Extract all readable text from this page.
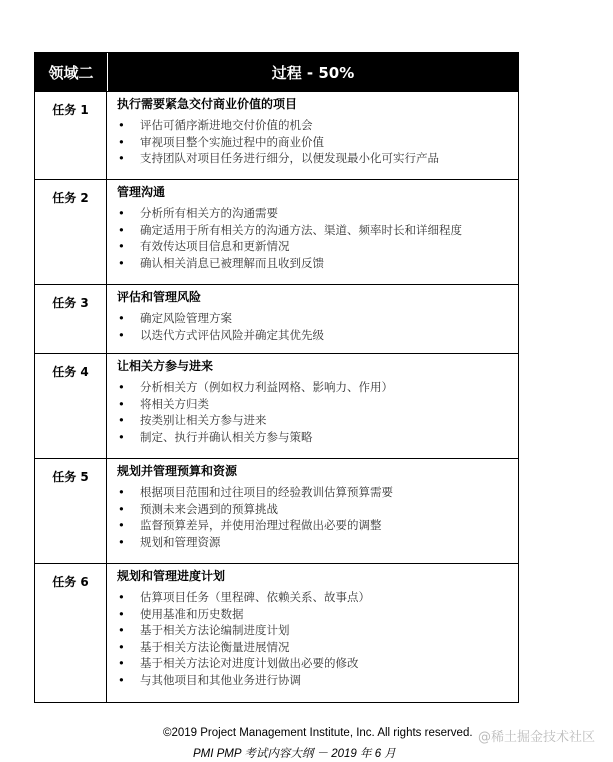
领域二	过程 - 50%
任务 1	执行需要紧急交付商业价值的项目
• 评估可循序渐进地交付价值的机会
• 审视项目整个实施过程中的商业价值
• 支持团队对项目任务进行细分，以便发现最小化可实行产品
任务 2	管理沟通
• 分析所有相关方的沟通需要
• 确定适用于所有相关方的沟通方法、渠道、频率时长和详细程度
• 有效传达项目信息和更新情况
• 确认相关消息已被理解而且收到反馈
任务 3	评估和管理风险
• 确定风险管理方案
• 以迭代方式评估风险并确定其优先级
任务 4	让相关方参与进来
• 分析相关方（例如权力利益网格、影响力、作用）
• 将相关方归类
• 按类别让相关方参与进来
• 制定、执行并确认相关方参与策略
任务 5	规划并管理预算和资源
• 根据项目范围和过往项目的经验教训估算预算需要
• 预测未来会遇到的预算挑战
• 监督预算差异，并使用治理过程做出必要的调整
• 规划和管理资源
任务 6	规划和管理进度计划
• 估算项目任务（里程碑、依赖关系、故事点）
• 使用基准和历史数据
• 基于相关方法论编制进度计划
• 基于相关方法论衡量进展情况
• 基于相关方法论对进度计划做出必要的修改
• 与其他项目和其他业务进行协调
©2019 Project Management Institute, Inc. All rights reserved. @稀土掘金技术社区
PMI PMP 考试内容大纲 － 2019 年 6 月
